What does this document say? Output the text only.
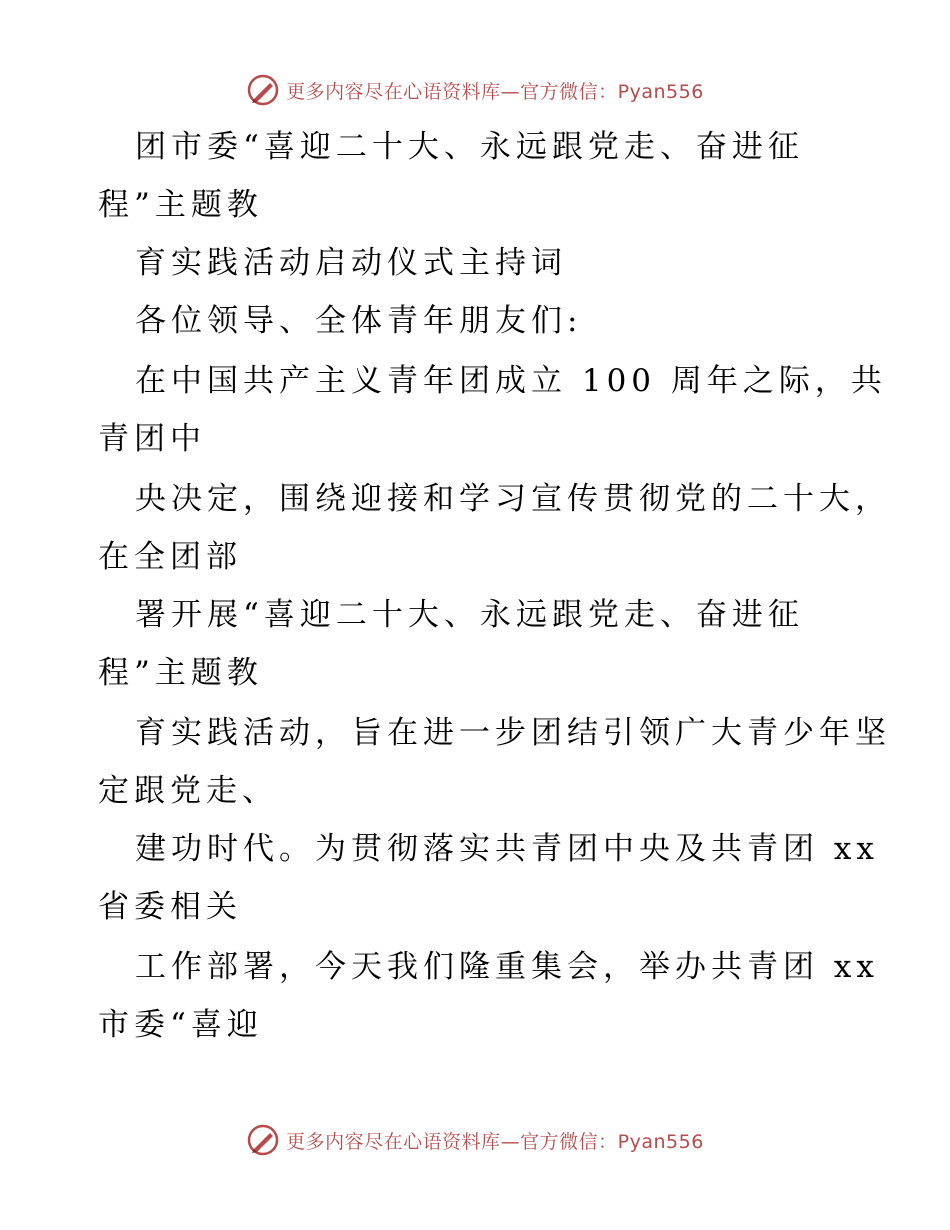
更多内容尽在心语资料库—官方微信：Pyan556
团市委“喜迎二十大、永远跟党走、奋进征
程”主题教
育实践活动启动仪式主持词
各位领导、全体青年朋友们:
在中国共产主义青年团成立 100 周年之际，共
青团中
央决定，围绕迎接和学习宣传贯彻党的二十大，
在全团部
署开展“喜迎二十大、永远跟党走、奋进征
程”主题教
育实践活动，旨在进一步团结引领广大青少年坚
定跟党走、
建功时代。为贯彻落实共青团中央及共青团 xx
省委相关
工作部署，今天我们隆重集会，举办共青团 xx
市委“喜迎
更多内容尽在心语资料库—官方微信：Pyan556
